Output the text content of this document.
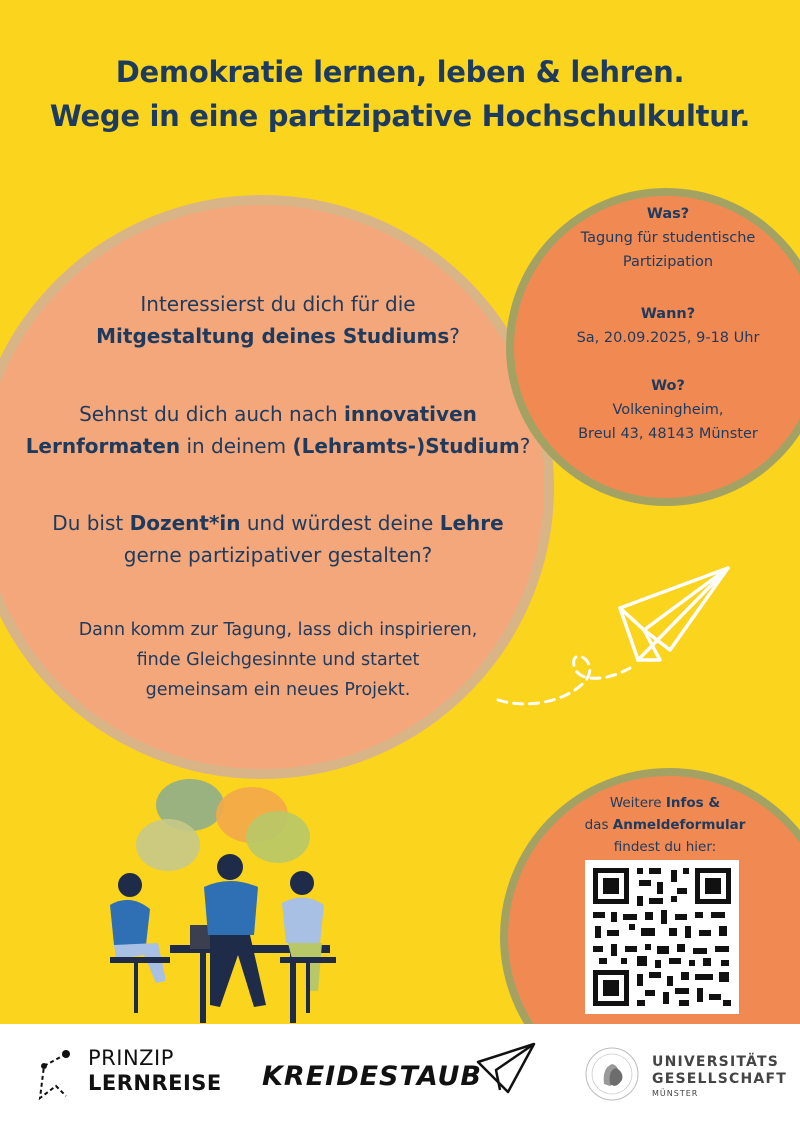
Demokratie lernen, leben & lehren.
Wege in eine partizipative Hochschulkultur.
Interessierst du dich für die
Mitgestaltung deines Studiums?
Sehnst du dich auch nach innovativen
Lernformaten in deinem (Lehramts-)Studium?
Du bist Dozent*in und würdest deine Lehre
gerne partizipativer gestalten?
Dann komm zur Tagung, lass dich inspirieren,
finde Gleichgesinnte und startet
gemeinsam ein neues Projekt.
Was?
Tagung für studentische
Partizipation
Wann?
Sa, 20.09.2025, 9-18 Uhr
Wo?
Volkeningheim,
Breul 43, 48143 Münster
Weitere Infos &
das Anmeldeformular
findest du hier:
PRINZIP
LERNREISE KREIDESTAUB	UNIVERSITÄTS
GESELLSCHAFT
MÜNSTER
